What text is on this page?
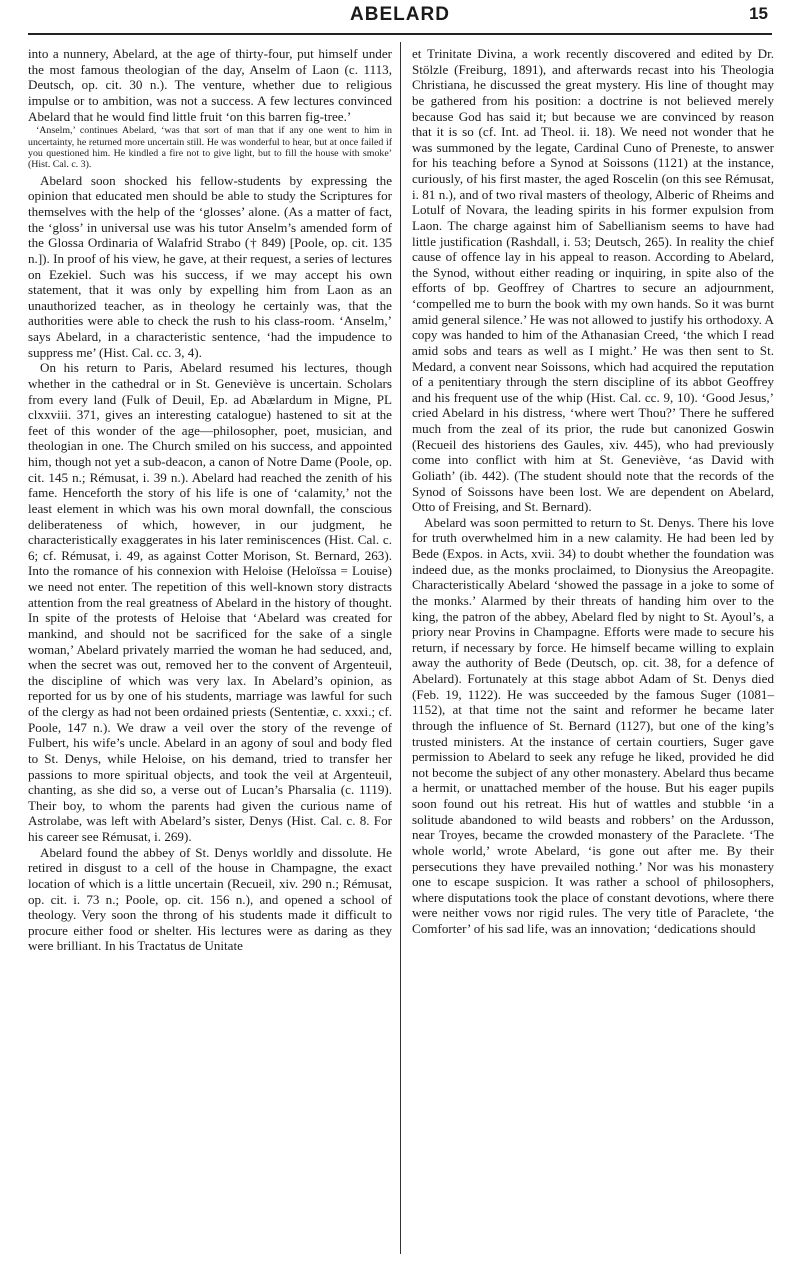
ABELARD	15

into a nunnery, Abelard, at the age of thirty-four, put himself under the most famous theologian of the day, Anselm of Laon (c. 1113, Deutsch, op. cit. 30 n.). The venture, whether due to religious impulse or to ambition, was not a success. A few lectures convinced Abelard that he would find little fruit ‘on this barren fig-tree.’

‘Anselm,’ continues Abelard, ‘was that sort of man that if any one went to him in uncertainty, he returned more uncertain still. He was wonderful to hear, but at once failed if you questioned him. He kindled a fire not to give light, but to fill the house with smoke’ (Hist. Cal. c. 3).

Abelard soon shocked his fellow-students by expressing the opinion that educated men should be able to study the Scriptures for themselves with the help of the ‘glosses’ alone. (As a matter of fact, the ‘gloss’ in universal use was his tutor Anselm’s amended form of the Glossa Ordinaria of Walafrid Strabo († 849) [Poole, op. cit. 135 n.]). In proof of his view, he gave, at their request, a series of lectures on Ezekiel. Such was his success, if we may accept his own statement, that it was only by expelling him from Laon as an unauthorized teacher, as in theology he certainly was, that the authorities were able to check the rush to his class-room. ‘Anselm,’ says Abelard, in a characteristic sentence, ‘had the impudence to suppress me’ (Hist. Cal. cc. 3, 4).

On his return to Paris, Abelard resumed his lectures, though whether in the cathedral or in St. Geneviève is uncertain. Scholars from every land (Fulk of Deuil, Ep. ad Abælardum in Migne, PL clxxviii. 371, gives an interesting catalogue) hastened to sit at the feet of this wonder of the age—philosopher, poet, musician, and theologian in one. The Church smiled on his success, and appointed him, though not yet a sub-deacon, a canon of Notre Dame (Poole, op. cit. 145 n.; Rémusat, i. 39 n.). Abelard had reached the zenith of his fame. Henceforth the story of his life is one of ‘calamity,’ not the least element in which was his own moral downfall, the conscious deliberateness of which, however, in our judgment, he characteristically exaggerates in his later reminiscences (Hist. Cal. c. 6; cf. Rémusat, i. 49, as against Cotter Morison, St. Bernard, 263). Into the romance of his connexion with Heloise (Heloïssa = Louise) we need not enter. The repetition of this well-known story distracts attention from the real greatness of Abelard in the history of thought. In spite of the protests of Heloise that ‘Abelard was created for mankind, and should not be sacrificed for the sake of a single woman,’ Abelard privately married the woman he had seduced, and, when the secret was out, removed her to the convent of Argenteuil, the discipline of which was very lax. In Abelard’s opinion, as reported for us by one of his students, marriage was lawful for such of the clergy as had not been ordained priests (Sententiæ, c. xxxi.; cf. Poole, 147 n.). We draw a veil over the story of the revenge of Fulbert, his wife’s uncle. Abelard in an agony of soul and body fled to St. Denys, while Heloise, on his demand, tried to transfer her passions to more spiritual objects, and took the veil at Argenteuil, chanting, as she did so, a verse out of Lucan’s Pharsalia (c. 1119). Their boy, to whom the parents had given the curious name of Astrolabe, was left with Abelard’s sister, Denys (Hist. Cal. c. 8. For his career see Rémusat, i. 269).

Abelard found the abbey of St. Denys worldly and dissolute. He retired in disgust to a cell of the house in Champagne, the exact location of which is a little uncertain (Recueil, xiv. 290 n.; Rémusat, op. cit. i. 73 n.; Poole, op. cit. 156 n.), and opened a school of theology. Very soon the throng of his students made it difficult to procure either food or shelter. His lectures were as daring as they were brilliant. In his Tractatus de Unitate

et Trinitate Divina, a work recently discovered and edited by Dr. Stölzle (Freiburg, 1891), and afterwards recast into his Theologia Christiana, he discussed the great mystery. His line of thought may be gathered from his position: a doctrine is not believed merely because God has said it; but because we are convinced by reason that it is so (cf. Int. ad Theol. ii. 18). We need not wonder that he was summoned by the legate, Cardinal Cuno of Preneste, to answer for his teaching before a Synod at Soissons (1121) at the instance, curiously, of his first master, the aged Roscelin (on this see Rémusat, i. 81 n.), and of two rival masters of theology, Alberic of Rheims and Lotulf of Novara, the leading spirits in his former expulsion from Laon. The charge against him of Sabellianism seems to have had little justification (Rashdall, i. 53; Deutsch, 265). In reality the chief cause of offence lay in his appeal to reason. According to Abelard, the Synod, without either reading or inquiring, in spite also of the efforts of bp. Geoffrey of Chartres to secure an adjournment, ‘compelled me to burn the book with my own hands. So it was burnt amid general silence.’ He was not allowed to justify his orthodoxy. A copy was handed to him of the Athanasian Creed, ‘the which I read amid sobs and tears as well as I might.’ He was then sent to St. Medard, a convent near Soissons, which had acquired the reputation of a penitentiary through the stern discipline of its abbot Geoffrey and his frequent use of the whip (Hist. Cal. cc. 9, 10). ‘Good Jesus,’ cried Abelard in his distress, ‘where wert Thou?’ There he suffered much from the zeal of its prior, the rude but canonized Goswin (Recueil des historiens des Gaules, xiv. 445), who had previously come into conflict with him at St. Geneviève, ‘as David with Goliath’ (ib. 442). (The student should note that the records of the Synod of Soissons have been lost. We are dependent on Abelard, Otto of Freising, and St. Bernard).

Abelard was soon permitted to return to St. Denys. There his love for truth overwhelmed him in a new calamity. He had been led by Bede (Expos. in Acts, xvii. 34) to doubt whether the foundation was indeed due, as the monks proclaimed, to Dionysius the Areopagite. Characteristically Abelard ‘showed the passage in a joke to some of the monks.’ Alarmed by their threats of handing him over to the king, the patron of the abbey, Abelard fled by night to St. Ayoul’s, a priory near Provins in Champagne. Efforts were made to secure his return, if necessary by force. He himself became willing to explain away the authority of Bede (Deutsch, op. cit. 38, for a defence of Abelard). Fortunately at this stage abbot Adam of St. Denys died (Feb. 19, 1122). He was succeeded by the famous Suger (1081–1152), at that time not the saint and reformer he became later through the influence of St. Bernard (1127), but one of the king’s trusted ministers. At the instance of certain courtiers, Suger gave permission to Abelard to seek any refuge he liked, provided he did not become the subject of any other monastery. Abelard thus became a hermit, or unattached member of the house. But his eager pupils soon found out his retreat. His hut of wattles and stubble ‘in a solitude abandoned to wild beasts and robbers’ on the Ardusson, near Troyes, became the crowded monastery of the Paraclete. ‘The whole world,’ wrote Abelard, ‘is gone out after me. By their persecutions they have prevailed nothing.’ Nor was his monastery one to escape suspicion. It was rather a school of philosophers, where disputations took the place of constant devotions, where there were neither vows nor rigid rules. The very title of Paraclete, ‘the Comforter’ of his sad life, was an innovation; ‘dedications should
